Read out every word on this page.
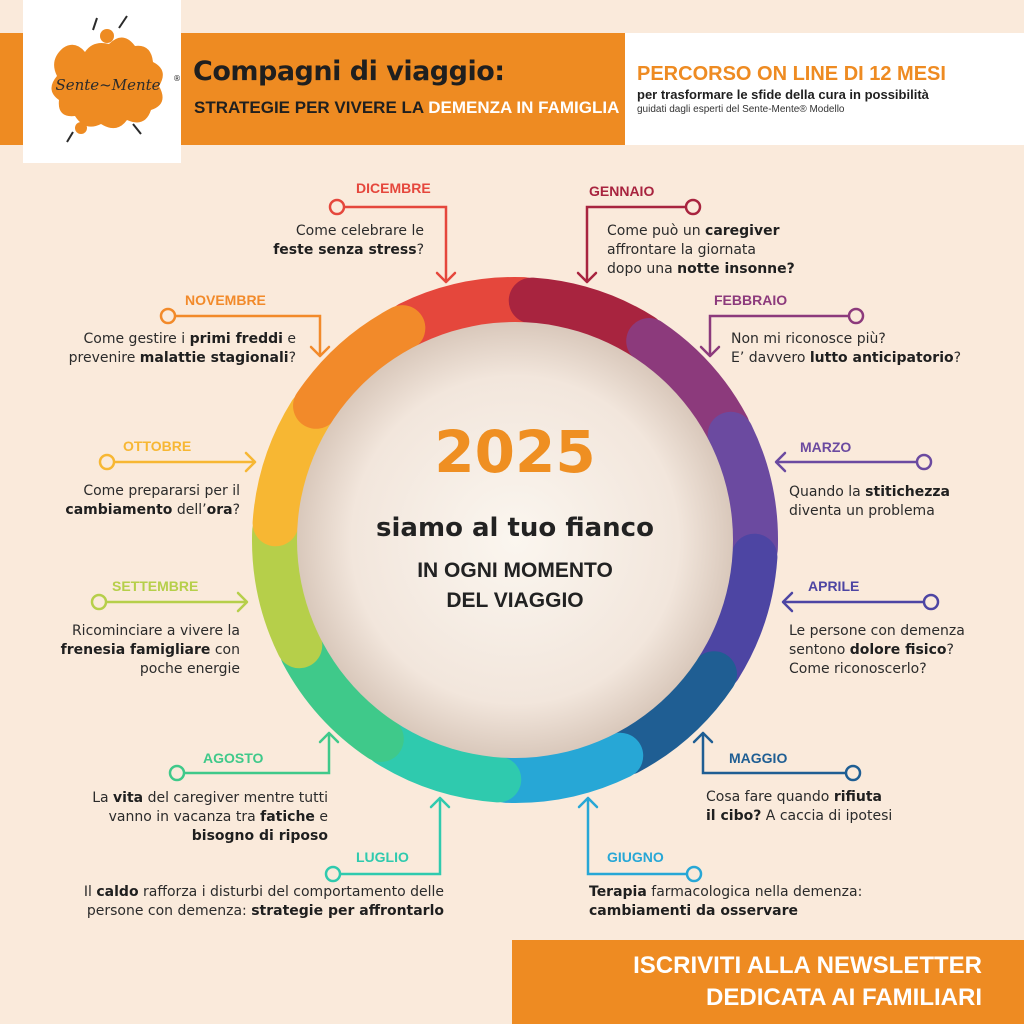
Sente~Mente	® Compagni di viaggio:
STRATEGIE PER VIVERE LA DEMENZA IN FAMIGLIA
PERCORSO ON LINE DI 12 MESI
per trasformare le sfide della cura in possibilità
guidati dagli esperti del Sente-Mente® Modello
2025
siamo al tuo fianco
IN OGNI MOMENTO
DEL VIAGGIO
DICEMBRE
Come celebrare le
feste senza stress?
GENNAIO
Come può un caregiver
affrontare la giornata
dopo una notte insonne?
FEBBRAIO
Non mi riconosce più?
E’ davvero lutto anticipatorio?
MARZO
Quando la stitichezza
diventa un problema
APRILE
Le persone con demenza
sentono dolore fisico?
Come riconoscerlo?
MAGGIO
Cosa fare quando rifiuta
il cibo? A caccia di ipotesi
GIUGNO
Terapia farmacologica nella demenza:
cambiamenti da osservare
LUGLIO
Il caldo rafforza i disturbi del comportamento delle
persone con demenza: strategie per affrontarlo
AGOSTO
La vita del caregiver mentre tutti
vanno in vacanza tra fatiche e
bisogno di riposo
SETTEMBRE
Ricominciare a vivere la
frenesia famigliare con
poche energie
OTTOBRE
Come prepararsi per il
cambiamento dell’ora?
NOVEMBRE
Come gestire i primi freddi e
prevenire malattie stagionali?
ISCRIVITI ALLA NEWSLETTER
DEDICATA AI FAMILIARI
